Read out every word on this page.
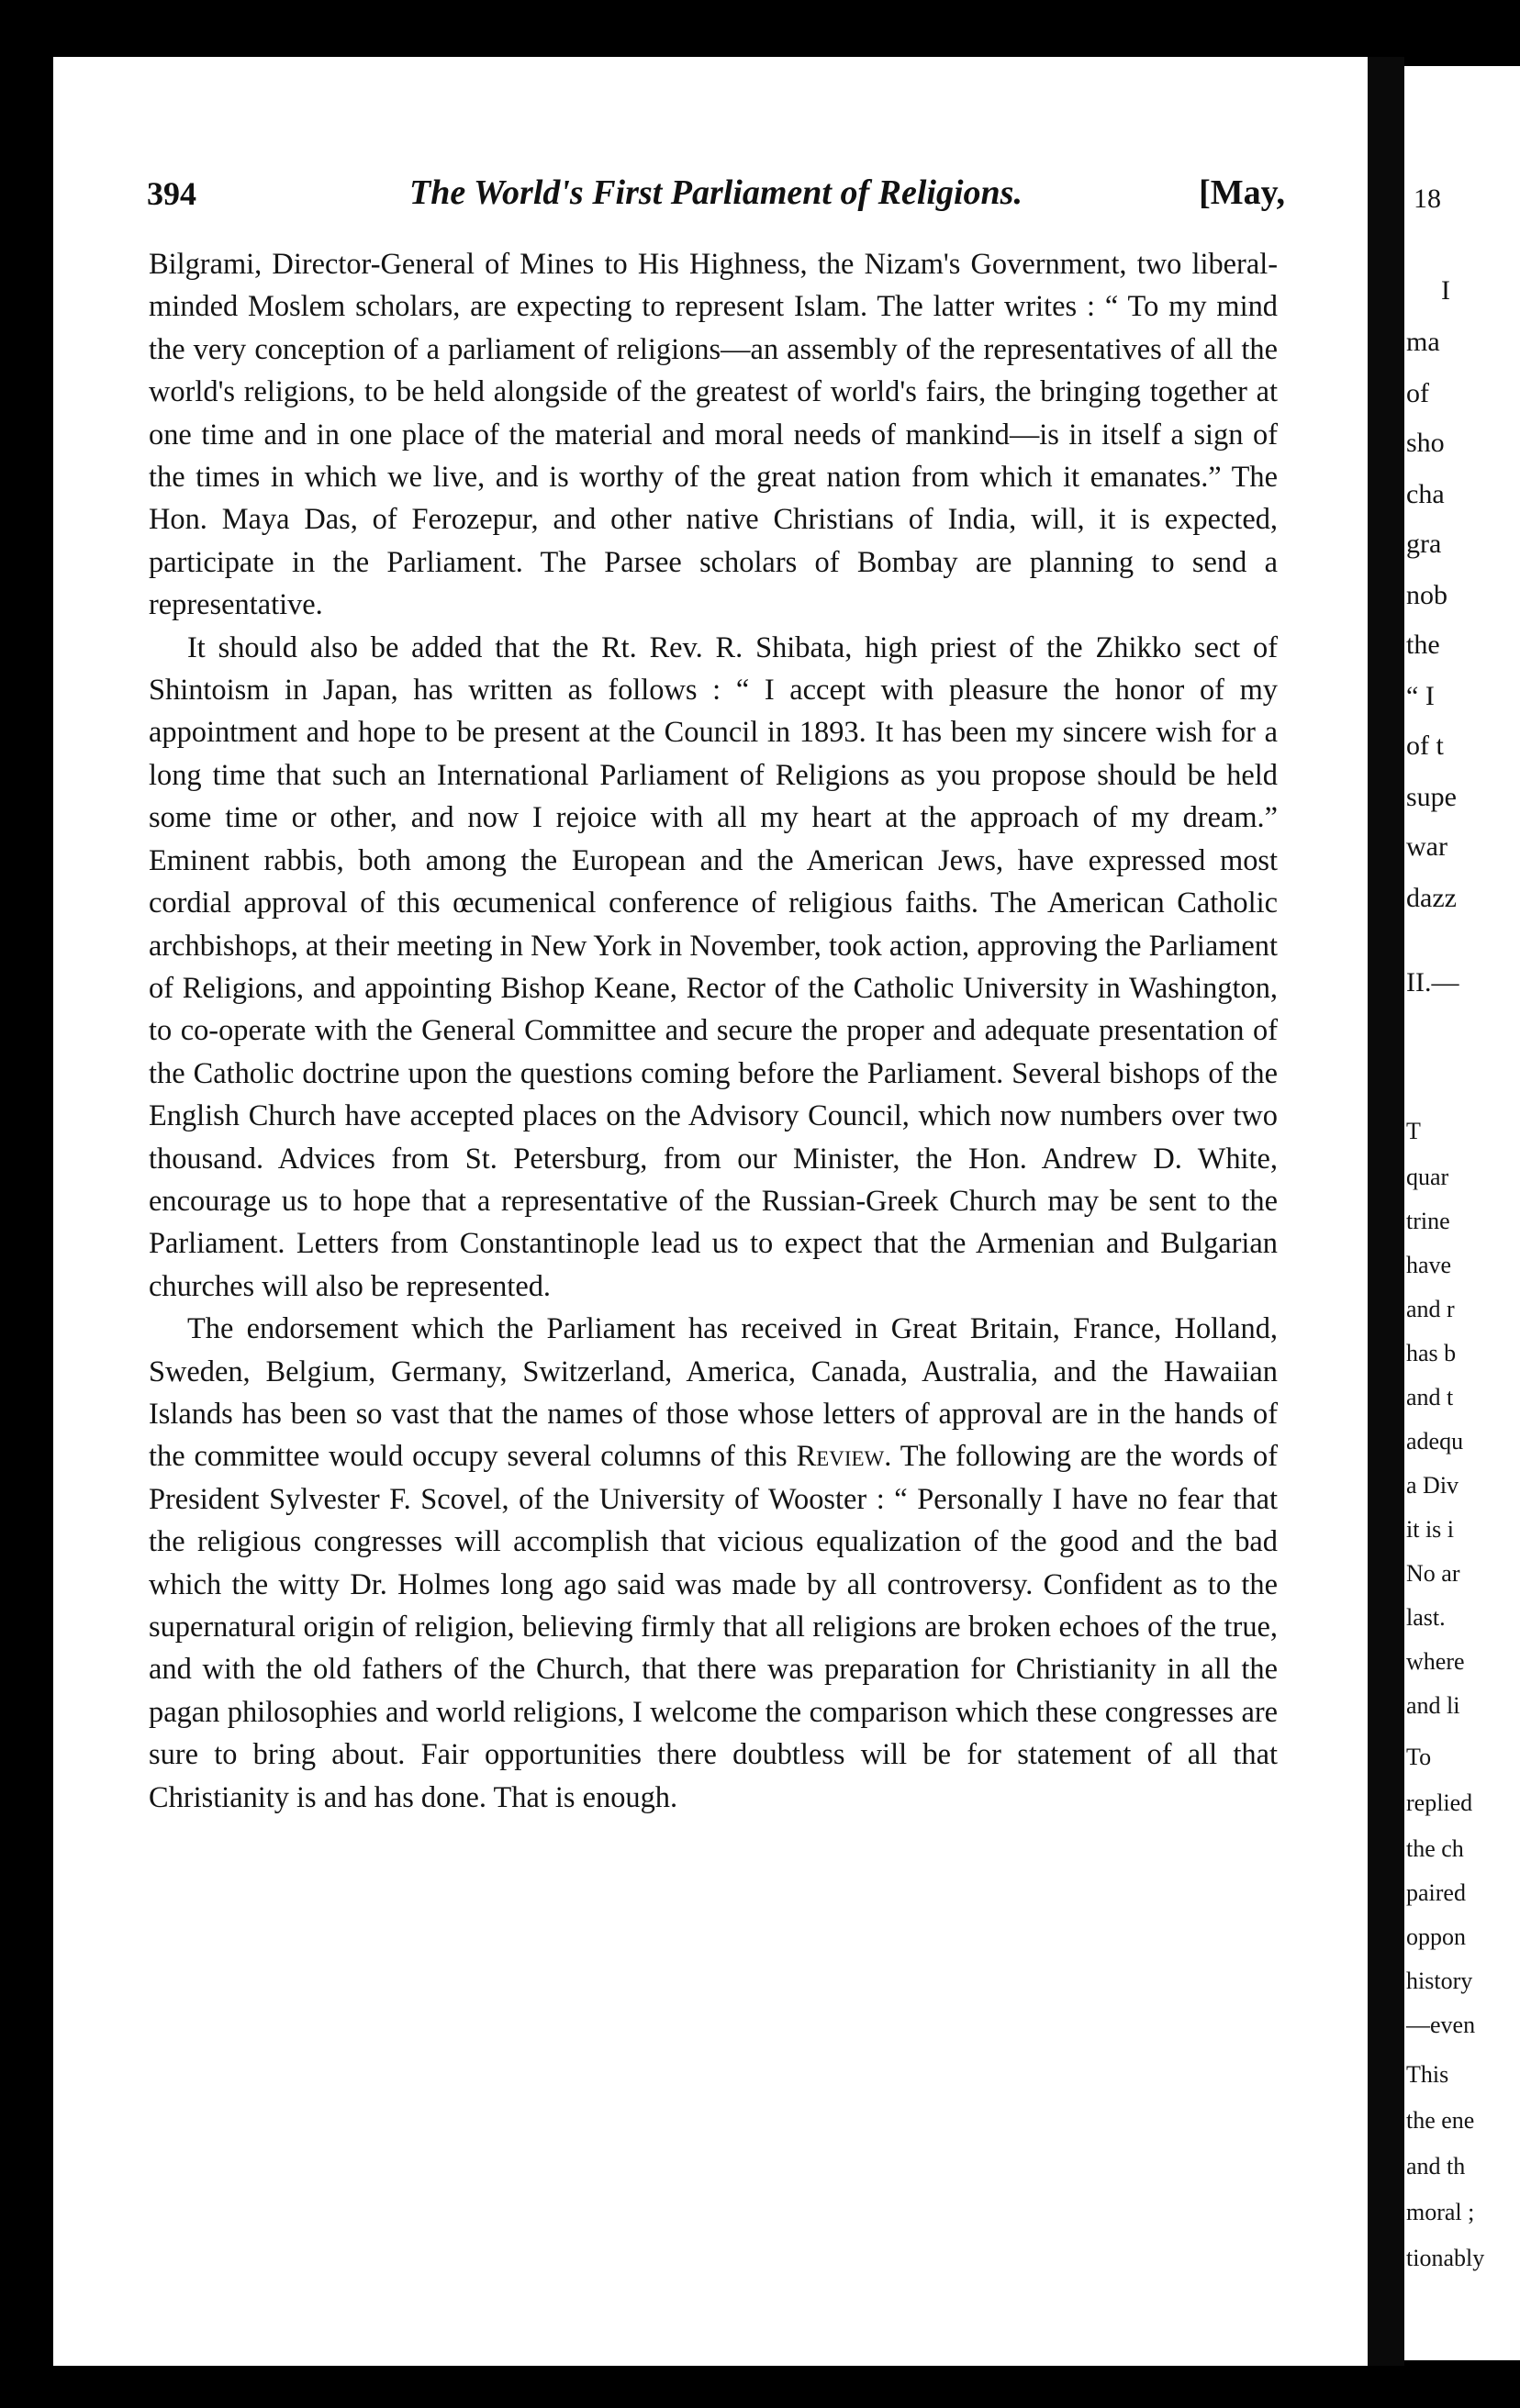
18
I
ma
of
sho
cha
gra
nob
the
“ I
of t
supe
war
dazz
II.—
T
quar
trine
have
and r
has b
and t
adequ
a Div
it is i
No ar
last.
where
and li
To
replied
the ch
paired
oppon
history
—even
This
the ene
and th
moral ;
tionably
394	The World's First Parliament of Religions.	[May,

Bilgrami, Director-General of Mines to His Highness, the Nizam's Government, two liberal-minded Moslem scholars, are expecting to represent Islam. The latter writes : “ To my mind the very conception of a parliament of religions—an assembly of the representatives of all the world's religions, to be held alongside of the greatest of world's fairs, the bringing together at one time and in one place of the material and moral needs of mankind—is in itself a sign of the times in which we live, and is worthy of the great nation from which it emanates.” The Hon. Maya Das, of Ferozepur, and other native Christians of India, will, it is expected, participate in the Parliament. The Parsee scholars of Bombay are planning to send a representative.

It should also be added that the Rt. Rev. R. Shibata, high priest of the Zhikko sect of Shintoism in Japan, has written as follows : “ I accept with pleasure the honor of my appointment and hope to be present at the Council in 1893. It has been my sincere wish for a long time that such an International Parliament of Religions as you propose should be held some time or other, and now I rejoice with all my heart at the approach of my dream.” Eminent rabbis, both among the European and the American Jews, have expressed most cordial approval of this œcumenical conference of religious faiths. The American Catholic archbishops, at their meeting in New York in November, took action, approving the Parliament of Religions, and appointing Bishop Keane, Rector of the Catholic University in Washington, to co-operate with the General Committee and secure the proper and adequate presentation of the Catholic doctrine upon the questions coming before the Parliament. Several bishops of the English Church have accepted places on the Advisory Council, which now numbers over two thousand. Advices from St. Petersburg, from our Minister, the Hon. Andrew D. White, encourage us to hope that a representative of the Russian-Greek Church may be sent to the Parliament. Letters from Constantinople lead us to expect that the Armenian and Bulgarian churches will also be represented.

The endorsement which the Parliament has received in Great Britain, France, Holland, Sweden, Belgium, Germany, Switzerland, America, Canada, Australia, and the Hawaiian Islands has been so vast that the names of those whose letters of approval are in the hands of the committee would occupy several columns of this Review. The following are the words of President Sylvester F. Scovel, of the University of Wooster : “ Personally I have no fear that the religious congresses will accomplish that vicious equalization of the good and the bad which the witty Dr. Holmes long ago said was made by all controversy. Confident as to the supernatural origin of religion, believing firmly that all religions are broken echoes of the true, and with the old fathers of the Church, that there was preparation for Christianity in all the pagan philosophies and world religions, I welcome the comparison which these congresses are sure to bring about. Fair opportunities there doubtless will be for statement of all that Christianity is and has done. That is enough.
